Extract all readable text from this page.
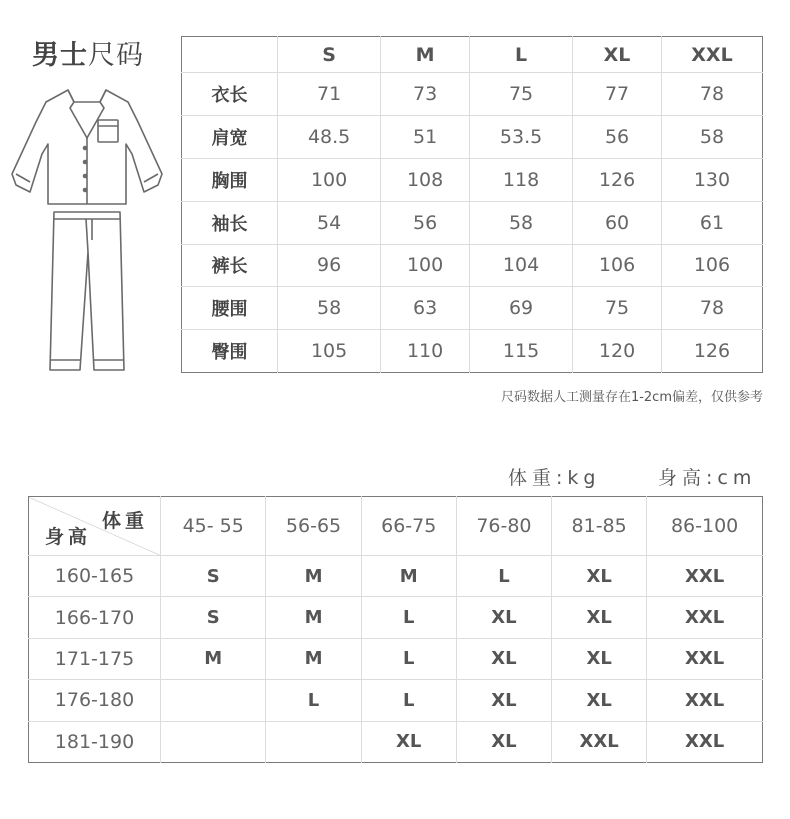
男士尺码
		S	M	L	XL	XXL
衣长	71	73	75	77	78
肩宽	48.5	51	53.5	56	58
胸围	100	108	118	126	130
袖长	54	56	58	60	61
裤长	96	100	104	106	106
腰围	58	63	69	75	78
臀围	105	110	115	120	126
尺码数据人工测量存在1-2cm偏差，仅供参考
体重:kg	身高:cm
体重
身高	45- 55	56-65	66-75	76-80	81-85	86-100
160-165	S	M	M	L	XL	XXL
166-170	S	M	L	XL	XL	XXL
171-175	M	M	L	XL	XL	XXL
176-180		L	L	XL	XL	XXL
181-190			XL	XL	XXL	XXL
